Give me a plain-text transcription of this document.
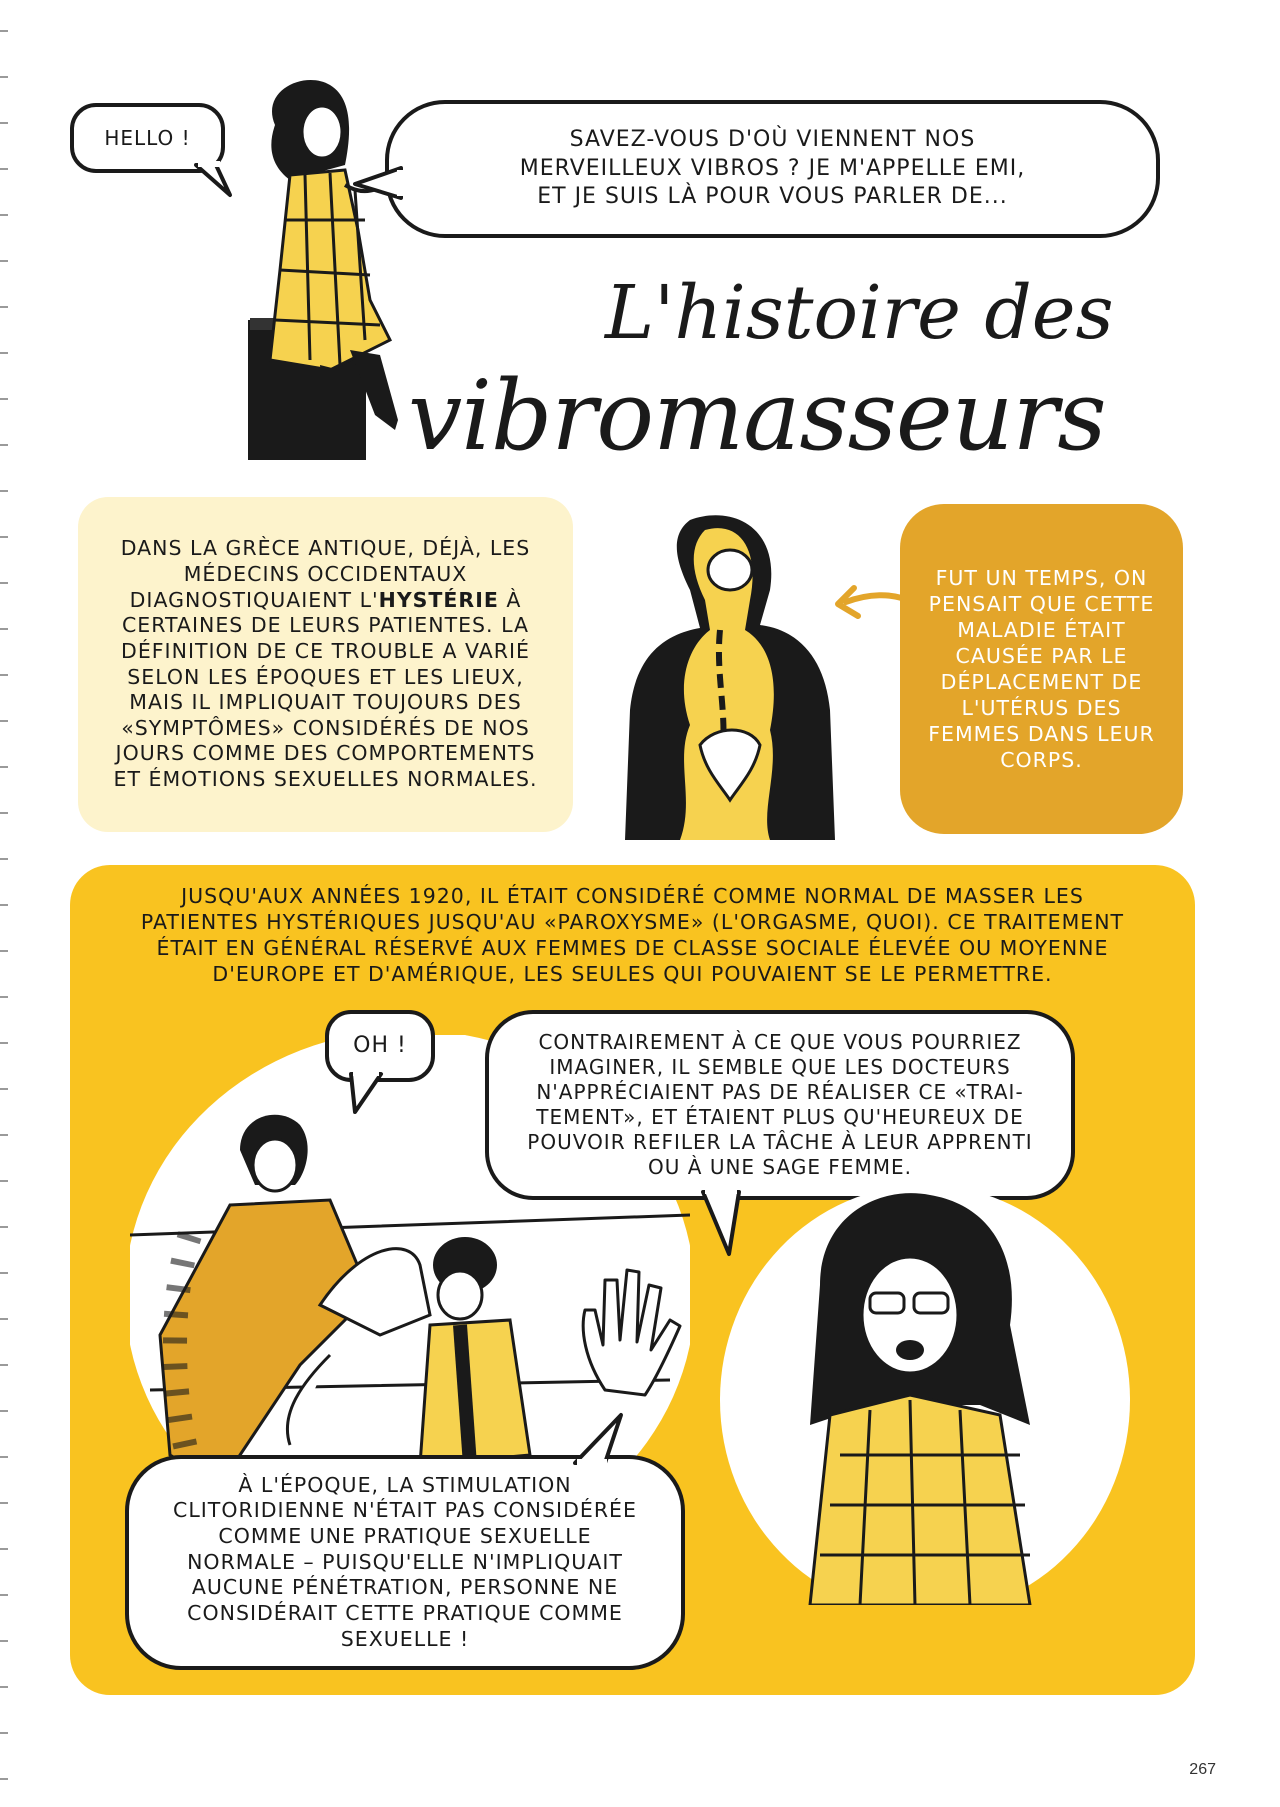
HELLO !	SAVEZ-VOUS D'OÙ VIENNENT NOS
MERVEILLEUX VIBROS ? JE M'APPELLE EMI,
ET JE SUIS LÀ POUR VOUS PARLER DE...
L'histoire des
vibromasseurs
DANS LA GRÈCE ANTIQUE, DÉJÀ, LES MÉDECINS OCCIDENTAUX DIAGNOSTIQUAIENT L'HYSTÉRIE À CERTAINES DE LEURS PATIENTES. LA DÉFINITION DE CE TROUBLE A VARIÉ SELON LES ÉPOQUES ET LES LIEUX, MAIS IL IMPLIQUAIT TOUJOURS DES «SYMPTÔMES» CONSIDÉRÉS DE NOS JOURS COMME DES COMPORTEMENTS ET ÉMOTIONS SEXUELLES NORMALES.
FUT UN TEMPS, ON PENSAIT QUE CETTE MALADIE ÉTAIT CAUSÉE PAR LE DÉPLACEMENT DE L'UTÉRUS DES FEMMES DANS LEUR CORPS.
JUSQU'AUX ANNÉES 1920, IL ÉTAIT CONSIDÉRÉ COMME NORMAL DE MASSER LES PATIENTES HYSTÉRIQUES JUSQU'AU «PAROXYSME» (L'ORGASME, QUOI). CE TRAITEMENT ÉTAIT EN GÉNÉRAL RÉSERVÉ AUX FEMMES DE CLASSE SOCIALE ÉLEVÉE OU MOYENNE D'EUROPE ET D'AMÉRIQUE, LES SEULES QUI POUVAIENT SE LE PERMETTRE.
OH !	CONTRAIREMENT À CE QUE VOUS POURRIEZ IMAGINER, IL SEMBLE QUE LES DOCTEURS N'APPRÉCIAIENT PAS DE RÉALISER CE «TRAI-TEMENT», ET ÉTAIENT PLUS QU'HEUREUX DE POUVOIR REFILER LA TÂCHE À LEUR APPRENTI OU À UNE SAGE FEMME.
À L'ÉPOQUE, LA STIMULATION CLITORIDIENNE N'ÉTAIT PAS CONSIDÉRÉE COMME UNE PRATIQUE SEXUELLE NORMALE – PUISQU'ELLE N'IMPLIQUAIT AUCUNE PÉNÉTRATION, PERSONNE NE CONSIDÉRAIT CETTE PRATIQUE COMME SEXUELLE !
267
